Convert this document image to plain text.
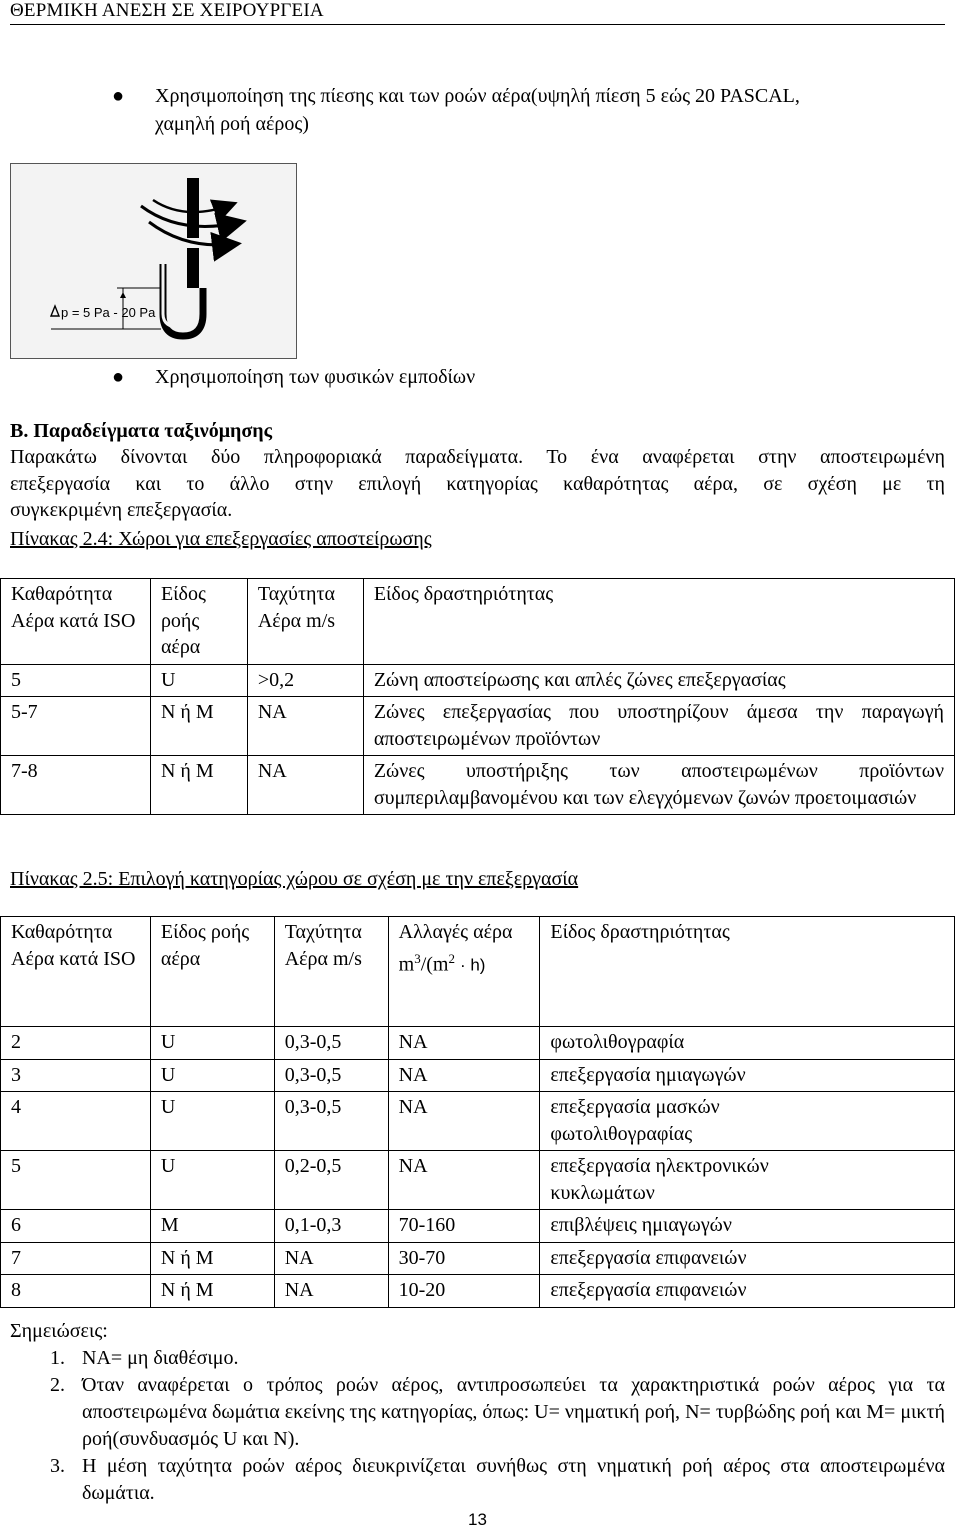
ΘΕΡΜΙΚΗ ΑΝΕΣΗ ΣΕ ΧΕΙΡΟΥΡΓΕΙΑ
● Χρησιμοποίηση της πίεσης και των ροών αέρα(υψηλή πίεση 5 εώς 20 PASCAL,
χαμηλή ροή αέρος)
p = 5 Pa - 20 Pa
● Χρησιμοποίηση των φυσικών εμποδίων
Β. Παραδείγματα ταξινόμησης
Παρακάτω δίνονται δύο πληροφοριακά παραδείγματα. Το ένα αναφέρεται στην αποστειρωμένη
επεξεργασία και το άλλο στην επιλογή κατηγορίας καθαρότητας αέρα, σε σχέση με τη
συγκεκριμένη επεξεργασία.
Πίνακας 2.4: Χώροι για επεξεργασίες αποστείρωσης
Καθαρότητα Αέρα κατά ISO	Είδος ροής αέρα	Ταχύτητα Αέρα m/s	Είδος δραστηριότητας
5	U	>0,2	Ζώνη αποστείρωσης και απλές ζώνες επεξεργασίας
5-7	Ν ή Μ	ΝΑ	Ζώνες επεξεργασίας που υποστηρίζουν άμεσα την παραγωγή αποστειρωμένων προϊόντων
7-8	Ν ή Μ	ΝΑ	Ζώνες υποστήριξης των αποστειρωμένων προϊόντων συμπεριλαμβανομένου και των ελεγχόμενων ζωνών προετοιμασιών
Πίνακας 2.5: Επιλογή κατηγορίας χώρου σε σχέση με την επεξεργασία
Καθαρότητα Αέρα κατά ISO	Είδος ροής αέρα	Ταχύτητα Αέρα m/s	Αλλαγές αέρα
$m^3/(m^2 \cdot h)$	Είδος δραστηριότητας
2	U	0,3-0,5	ΝΑ	φωτολιθογραφία
3	U	0,3-0,5	ΝΑ	επεξεργασία ημιαγωγών
4	U	0,3-0,5	ΝΑ	επεξεργασία μασκών φωτολιθογραφίας
5	U	0,2-0,5	ΝΑ	επεξεργασία ηλεκτρονικών κυκλωμάτων
6	Μ	0,1-0,3	70-160	επιβλέψεις ημιαγωγών
7	Ν ή Μ	ΝΑ	30-70	επεξεργασία επιφανειών
8	Ν ή Μ	ΝΑ	10-20	επεξεργασία επιφανειών
Σημειώσεις:
1. ΝΑ= μη διαθέσιμο.
2. Όταν αναφέρεται ο τρόπος ροών αέρος, αντιπροσωπεύει τα χαρακτηριστικά ροών αέρος για τα αποστειρωμένα δωμάτια εκείνης της κατηγορίας, όπως: U= νηματική ροή, Ν= τυρβώδης ροή και Μ= μικτή ροή(συνδυασμός U και Ν).
3. Η μέση ταχύτητα ροών αέρος διευκρινίζεται συνήθως στη νηματική ροή αέρος στα αποστειρωμένα δωμάτια.
13
